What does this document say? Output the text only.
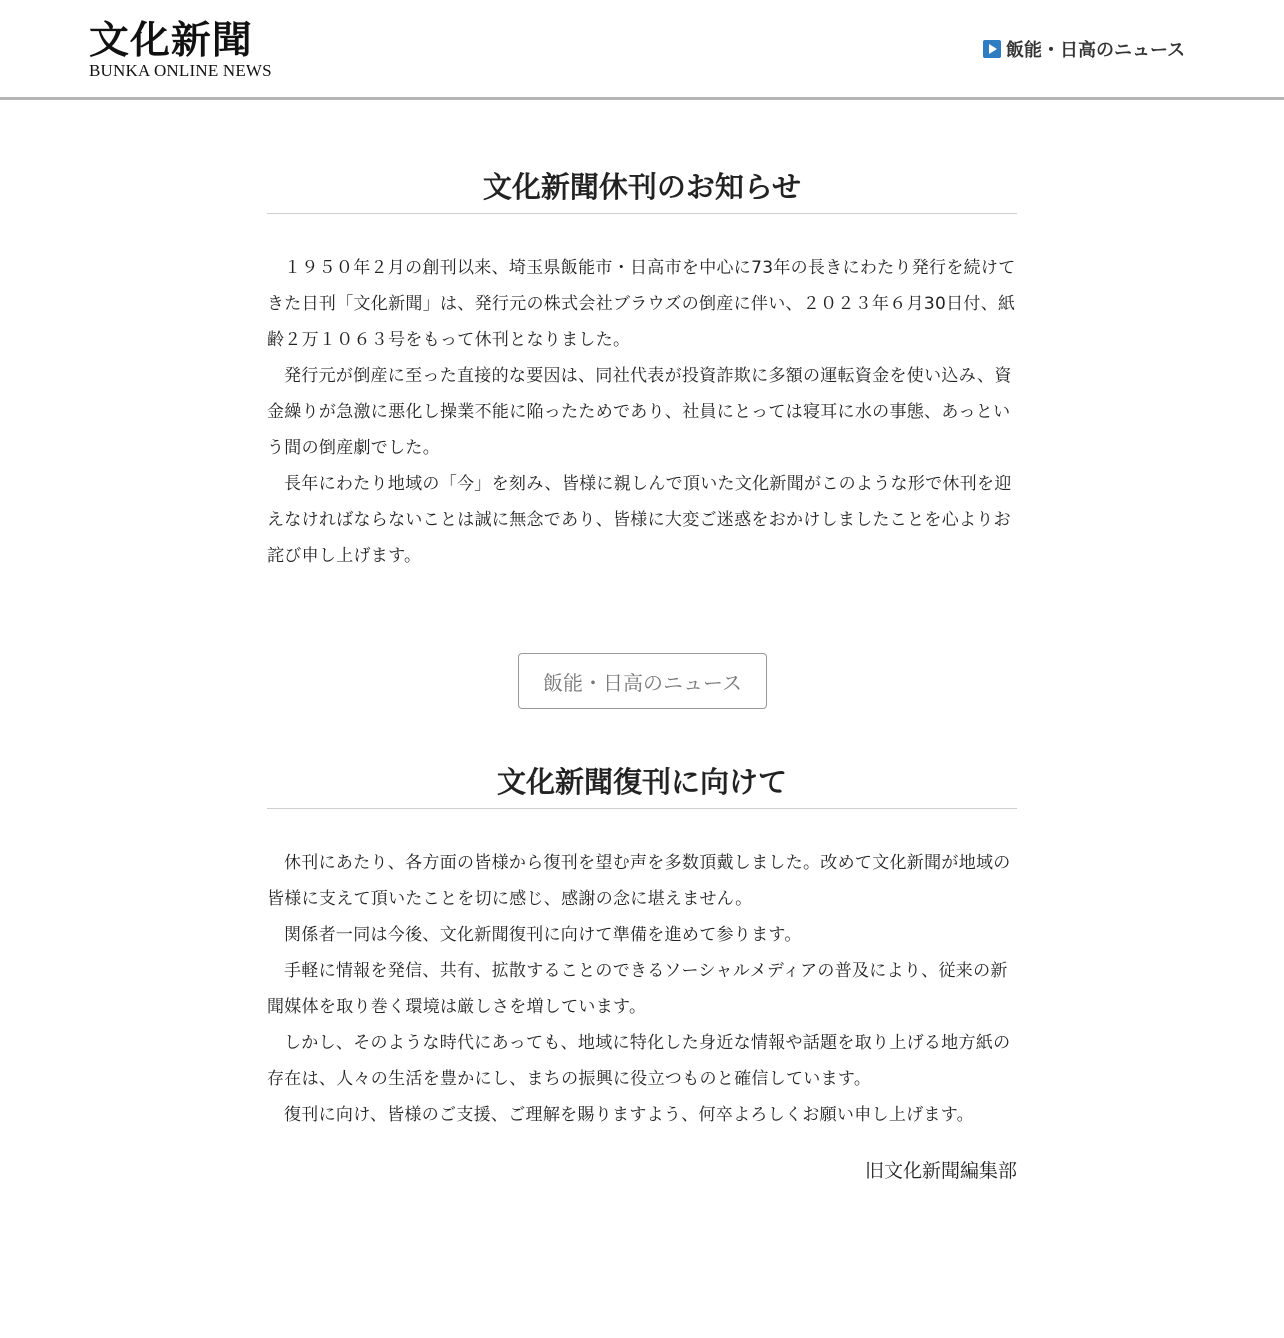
文化新聞
BUNKA ONLINE NEWS
飯能・日高のニュース
文化新聞休刊のお知らせ

１９５０年２月の創刊以来、埼玉県飯能市・日高市を中心に73年の長きにわたり発行を続けてきた日刊「文化新聞」は、発行元の株式会社ブラウズの倒産に伴い、２０２３年６月30日付、紙齢２万１０６３号をもって休刊となりました。

発行元が倒産に至った直接的な要因は、同社代表が投資詐欺に多額の運転資金を使い込み、資金繰りが急激に悪化し操業不能に陥ったためであり、社員にとっては寝耳に水の事態、あっという間の倒産劇でした。

長年にわたり地域の「今」を刻み、皆様に親しんで頂いた文化新聞がこのような形で休刊を迎えなければならないことは誠に無念であり、皆様に大変ご迷惑をおかけしましたことを心よりお詫び申し上げます。

飯能・日高のニュース
文化新聞復刊に向けて

休刊にあたり、各方面の皆様から復刊を望む声を多数頂戴しました。改めて文化新聞が地域の皆様に支えて頂いたことを切に感じ、感謝の念に堪えません。

関係者一同は今後、文化新聞復刊に向けて準備を進めて参ります。

手軽に情報を発信、共有、拡散することのできるソーシャルメディアの普及により、従来の新聞媒体を取り巻く環境は厳しさを増しています。

しかし、そのような時代にあっても、地域に特化した身近な情報や話題を取り上げる地方紙の存在は、人々の生活を豊かにし、まちの振興に役立つものと確信しています。

復刊に向け、皆様のご支援、ご理解を賜りますよう、何卒よろしくお願い申し上げます。

旧文化新聞編集部
